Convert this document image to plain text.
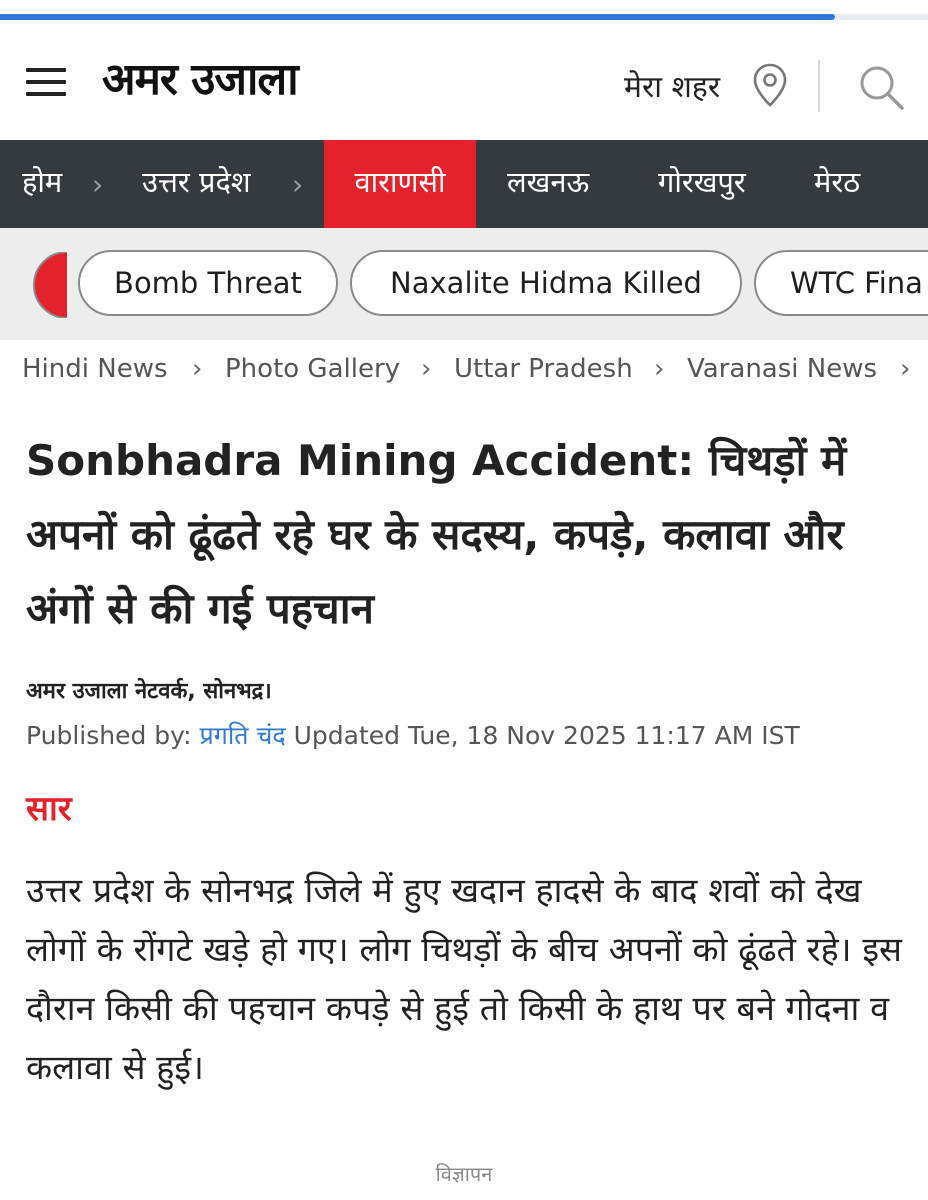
अमर उजाला	मेरा शहर
होम › उत्तर प्रदेश ›	वाराणसी	लखनऊ गोरखपुर मेरठ
Bomb Threat	Naxalite Hidma Killed	WTC Fina
Hindi News › Photo Gallery › Uttar Pradesh › Varanasi News ›
Sonbhadra Mining Accident: चिथड़ों में अपनों को ढूंढते रहे घर के सदस्य, कपड़े, कलावा और अंगों से की गई पहचान
अमर उजाला नेटवर्क, सोनभद्र।
Published by: प्रगति चंद Updated Tue, 18 Nov 2025 11:17 AM IST
सार

उत्तर प्रदेश के सोनभद्र जिले में हुए खदान हादसे के बाद शवों को देख लोगों के रोंगटे खड़े हो गए। लोग चिथड़ों के बीच अपनों को ढूंढते रहे। इस दौरान किसी की पहचान कपड़े से हुई तो किसी के हाथ पर बने गोदना व कलावा से हुई।

विज्ञापन
